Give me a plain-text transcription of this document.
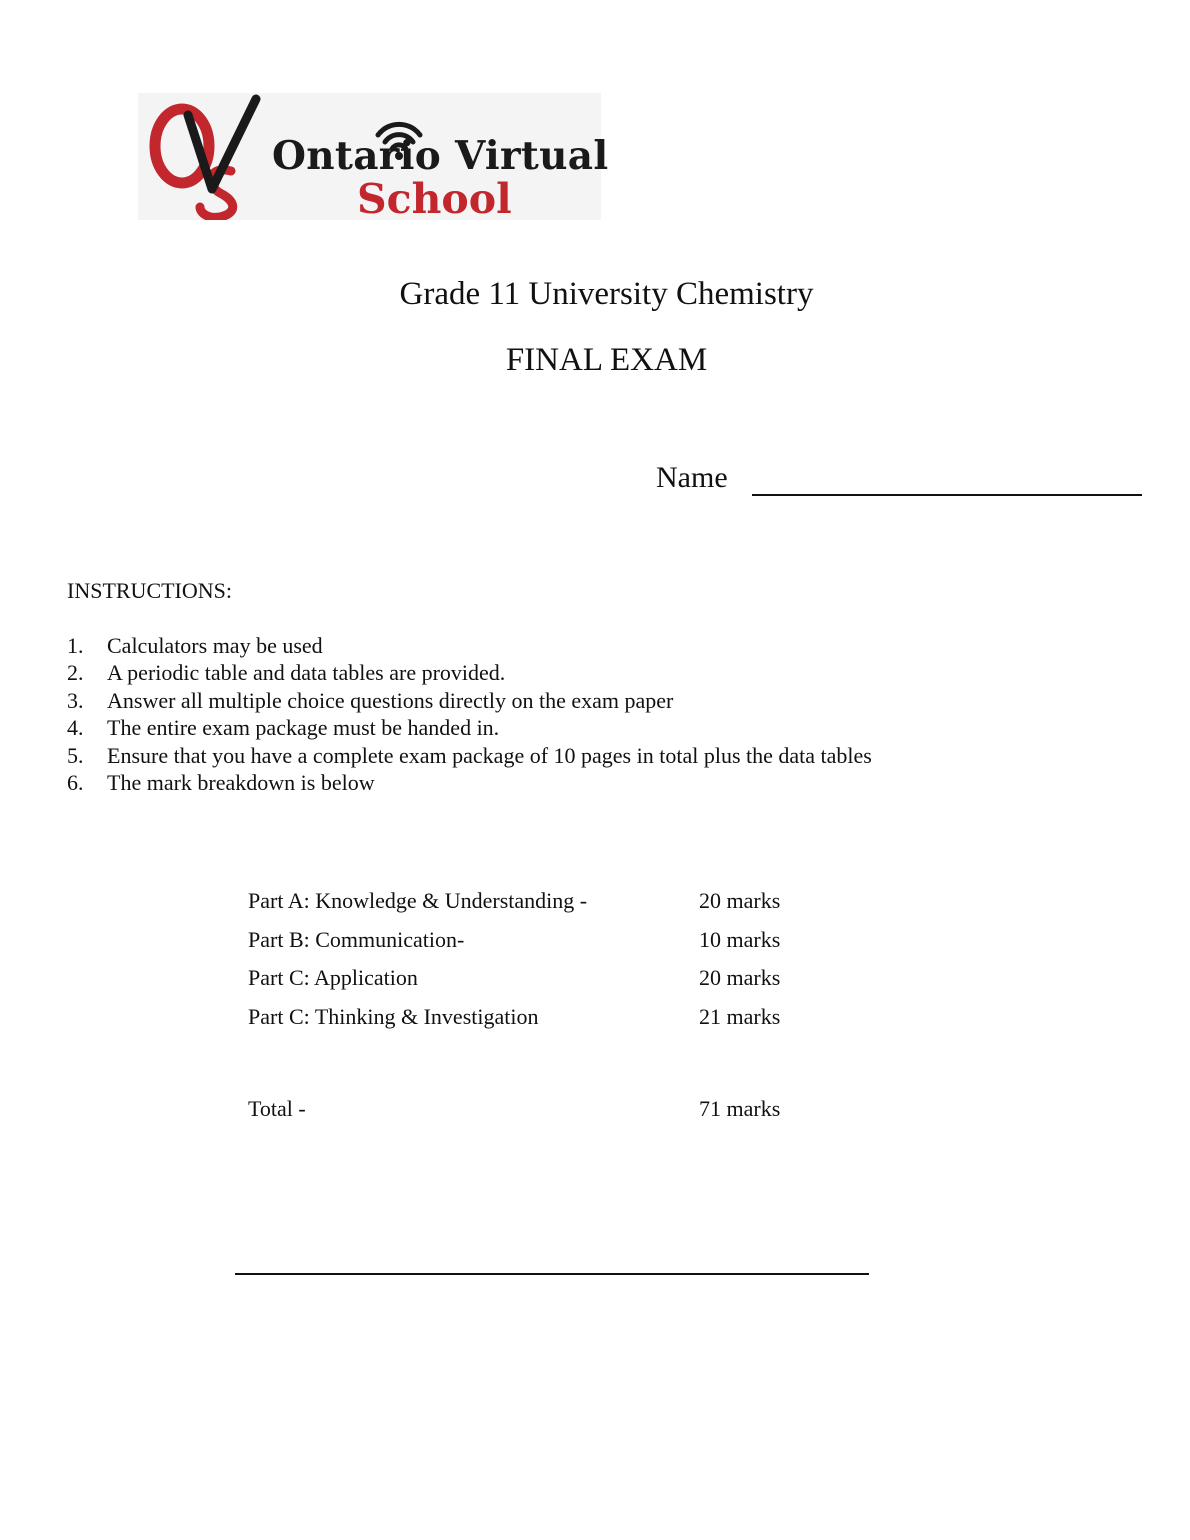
Ontario Virtual
School
Grade 11 University Chemistry
FINAL EXAM
Name
INSTRUCTIONS:
1.	Calculators may be used
2.	A periodic table and data tables are provided.
3.	Answer all multiple choice questions directly on the exam paper
4.	The entire exam package must be handed in.
5.	Ensure that you have a complete exam package of 10 pages in total plus the data tables
6.	The mark breakdown is below
Part A: Knowledge & Understanding -	20 marks
Part B: Communication-	10 marks
Part C: Application	20 marks
Part C: Thinking & Investigation	21 marks
Total -	71 marks
